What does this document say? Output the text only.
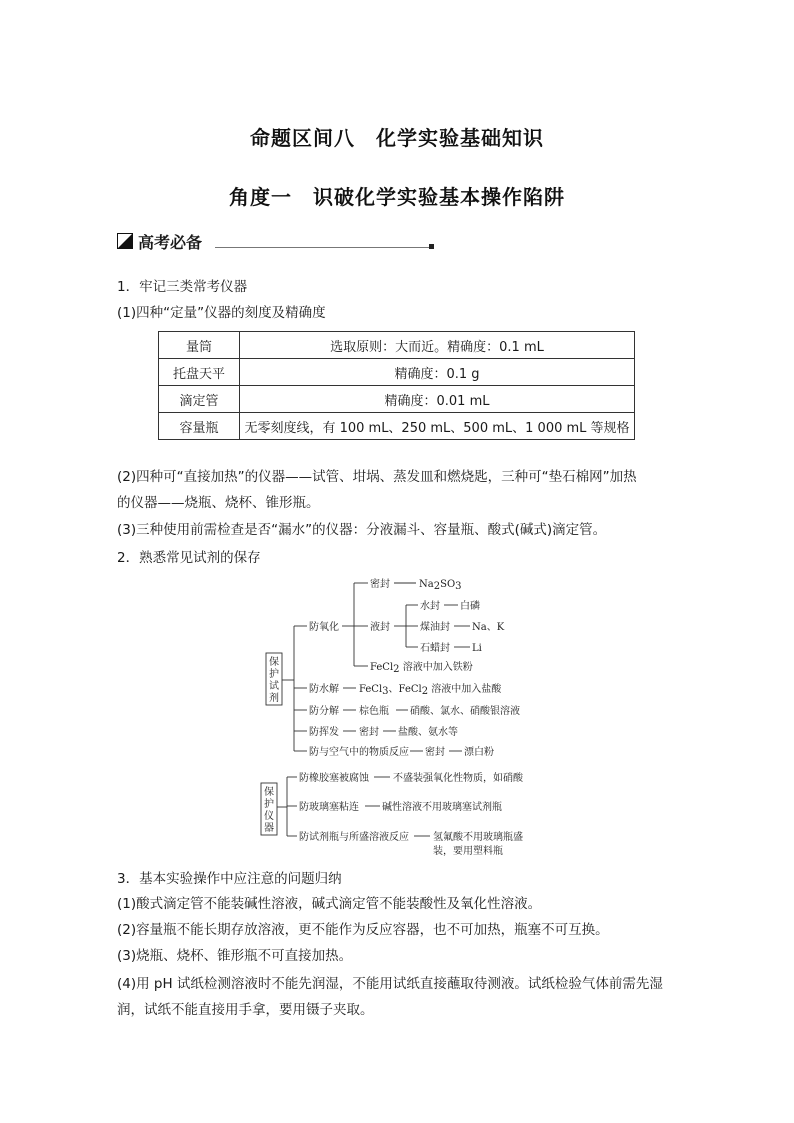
命题区间八　化学实验基础知识
角度一　识破化学实验基本操作陷阱
高考必备
1．牢记三类常考仪器
(1)四种“定量”仪器的刻度及精确度
量筒	选取原则：大而近。精确度：0.1 mL
托盘天平	精确度：0.1 g
滴定管	精确度：0.01 mL
容量瓶	无零刻度线，有 100 mL、250 mL、500 mL、1 000 mL 等规格
(2)四种可“直接加热”的仪器——试管、坩埚、蒸发皿和燃烧匙，三种可“垫石棉网”加热
的仪器——烧瓶、烧杯、锥形瓶。
(3)三种使用前需检查是否“漏水”的仪器：分液漏斗、容量瓶、酸式(碱式)滴定管。
2．熟悉常见试剂的保存
保
护
试
剂
防氧化
密封	Na2SO3
液封
水封 白磷
煤油封 Na、K
石蜡封 Li
FeCl2 溶液中加入铁粉
防水解 FeCl3、FeCl2 溶液中加入盐酸
防分解 棕色瓶 硝酸、氯水、硝酸银溶液
防挥发 密封 盐酸、氨水等
防与空气中的物质反应 密封 漂白粉
保
护
仪
器
防橡胶塞被腐蚀 不盛装强氧化性物质，如硝酸
防玻璃塞粘连 碱性溶液不用玻璃塞试剂瓶
防试剂瓶与所盛溶液反应 氢氟酸不用玻璃瓶盛
装，要用塑料瓶
3．基本实验操作中应注意的问题归纳
(1)酸式滴定管不能装碱性溶液，碱式滴定管不能装酸性及氧化性溶液。
(2)容量瓶不能长期存放溶液，更不能作为反应容器，也不可加热，瓶塞不可互换。
(3)烧瓶、烧杯、锥形瓶不可直接加热。
(4)用 pH 试纸检测溶液时不能先润湿，不能用试纸直接蘸取待测液。试纸检验气体前需先湿
润，试纸不能直接用手拿，要用镊子夹取。
